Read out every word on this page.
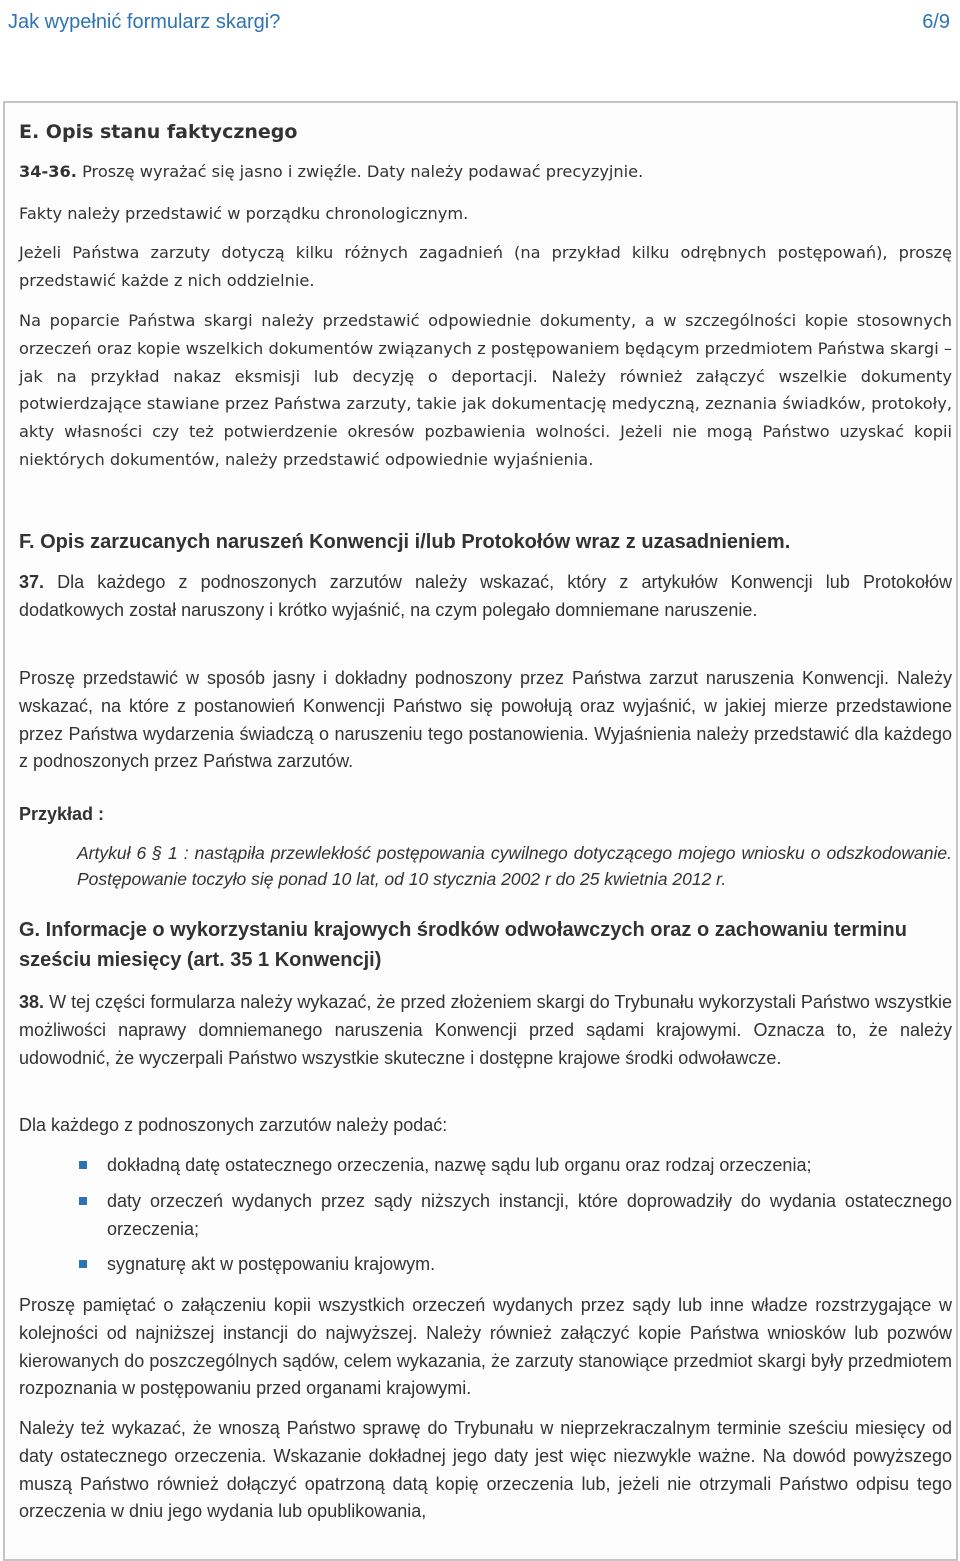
Jak wypełnić formularz skargi?	6/9

E. Opis stanu faktycznego

34-36. Proszę wyrażać się jasno i zwięźle. Daty należy podawać precyzyjnie.

Fakty należy przedstawić w porządku chronologicznym.

Jeżeli Państwa zarzuty dotyczą kilku różnych zagadnień (na przykład kilku odrębnych postępowań), proszę przedstawić każde z nich oddzielnie.

Na poparcie Państwa skargi należy przedstawić odpowiednie dokumenty, a w szczególności kopie stosownych orzeczeń oraz kopie wszelkich dokumentów związanych z postępowaniem będącym przedmiotem Państwa skargi – jak na przykład nakaz eksmisji lub decyzję o deportacji. Należy również załączyć wszelkie dokumenty potwierdzające stawiane przez Państwa zarzuty, takie jak dokumentację medyczną, zeznania świadków, protokoły, akty własności czy też potwierdzenie okresów pozbawienia wolności. Jeżeli nie mogą Państwo uzyskać kopii niektórych dokumentów, należy przedstawić odpowiednie wyjaśnienia.

F. Opis zarzucanych naruszeń Konwencji i/lub Protokołów wraz z uzasadnieniem.

37. Dla każdego z podnoszonych zarzutów należy wskazać, który z artykułów Konwencji lub Protokołów dodatkowych został naruszony i krótko wyjaśnić, na czym polegało domniemane naruszenie.

Proszę przedstawić w sposób jasny i dokładny podnoszony przez Państwa zarzut naruszenia Konwencji. Należy wskazać, na które z postanowień Konwencji Państwo się powołują oraz wyjaśnić, w jakiej mierze przedstawione przez Państwa wydarzenia świadczą o naruszeniu tego postanowienia. Wyjaśnienia należy przedstawić dla każdego z podnoszonych przez Państwa zarzutów.

Przykład :

Artykuł 6 § 1 : nastąpiła przewlekłość postępowania cywilnego dotyczącego mojego wniosku o odszkodowanie. Postępowanie toczyło się ponad 10 lat, od 10 stycznia 2002 r do 25 kwietnia 2012 r.

G. Informacje o wykorzystaniu krajowych środków odwoławczych oraz o zachowaniu terminu sześciu miesięcy (art. 35 1 Konwencji)

38. W tej części formularza należy wykazać, że przed złożeniem skargi do Trybunału wykorzystali Państwo wszystkie możliwości naprawy domniemanego naruszenia Konwencji przed sądami krajowymi. Oznacza to, że należy udowodnić, że wyczerpali Państwo wszystkie skuteczne i dostępne krajowe środki odwoławcze.

Dla każdego z podnoszonych zarzutów należy podać:

dokładną datę ostatecznego orzeczenia, nazwę sądu lub organu oraz rodzaj orzeczenia;
daty orzeczeń wydanych przez sądy niższych instancji, które doprowadziły do wydania ostatecznego orzeczenia;
sygnaturę akt w postępowaniu krajowym.

Proszę pamiętać o załączeniu kopii wszystkich orzeczeń wydanych przez sądy lub inne władze rozstrzygające w kolejności od najniższej instancji do najwyższej. Należy również załączyć kopie Państwa wniosków lub pozwów kierowanych do poszczególnych sądów, celem wykazania, że zarzuty stanowiące przedmiot skargi były przedmiotem rozpoznania w postępowaniu przed organami krajowymi.

Należy też wykazać, że wnoszą Państwo sprawę do Trybunału w nieprzekraczalnym terminie sześciu miesięcy od daty ostatecznego orzeczenia. Wskazanie dokładnej jego daty jest więc niezwykle ważne. Na dowód powyższego muszą Państwo również dołączyć opatrzoną datą kopię orzeczenia lub, jeżeli nie otrzymali Państwo odpisu tego orzeczenia w dniu jego wydania lub opublikowania,
